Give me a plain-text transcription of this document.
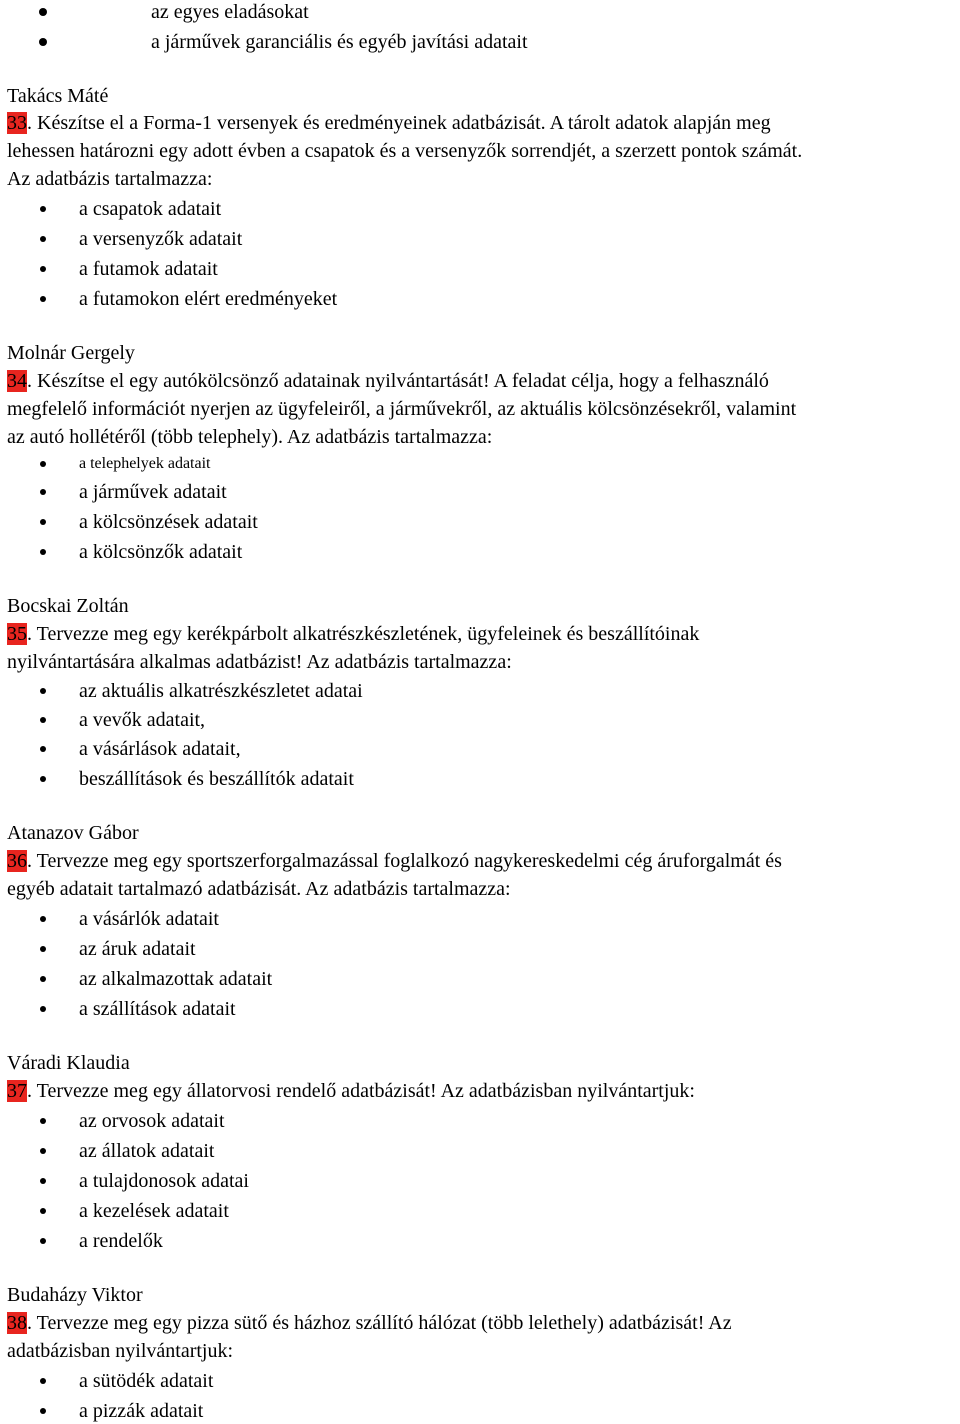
az egyes eladásokat
a járművek garanciális és egyéb javítási adatait
Takács Máté
33. Készítse el a Forma-1 versenyek és eredményeinek adatbázisát. A tárolt adatok alapján meg
lehessen határozni egy adott évben a csapatok és a versenyzők sorrendjét, a szerzett pontok számát.
Az adatbázis tartalmazza:
a csapatok adatait
a versenyzők adatait
a futamok adatait
a futamokon elért eredményeket
Molnár Gergely
34. Készítse el egy autókölcsönző adatainak nyilvántartását! A feladat célja, hogy a felhasználó
megfelelő információt nyerjen az ügyfeleiről, a járművekről, az aktuális kölcsönzésekről, valamint
az autó hollétéről (több telephely). Az adatbázis tartalmazza:
a telephelyek adatait
a járművek adatait
a kölcsönzések adatait
a kölcsönzők adatait
Bocskai Zoltán
35. Tervezze meg egy kerékpárbolt alkatrészkészletének, ügyfeleinek és beszállítóinak
nyilvántartására alkalmas adatbázist! Az adatbázis tartalmazza:
az aktuális alkatrészkészletet adatai
a vevők adatait,
a vásárlások adatait,
beszállítások és beszállítók adatait
Atanazov Gábor
36. Tervezze meg egy sportszerforgalmazással foglalkozó nagykereskedelmi cég áruforgalmát és
egyéb adatait tartalmazó adatbázisát. Az adatbázis tartalmazza:
a vásárlók adatait
az áruk adatait
az alkalmazottak adatait
a szállítások adatait
Váradi Klaudia
37. Tervezze meg egy állatorvosi rendelő adatbázisát! Az adatbázisban nyilvántartjuk:
az orvosok adatait
az állatok adatait
a tulajdonosok adatai
a kezelések adatait
a rendelők
Budaházy Viktor
38. Tervezze meg egy pizza sütő és házhoz szállító hálózat (több lelethely) adatbázisát! Az
adatbázisban nyilvántartjuk:
a sütödék adatait
a pizzák adatait
